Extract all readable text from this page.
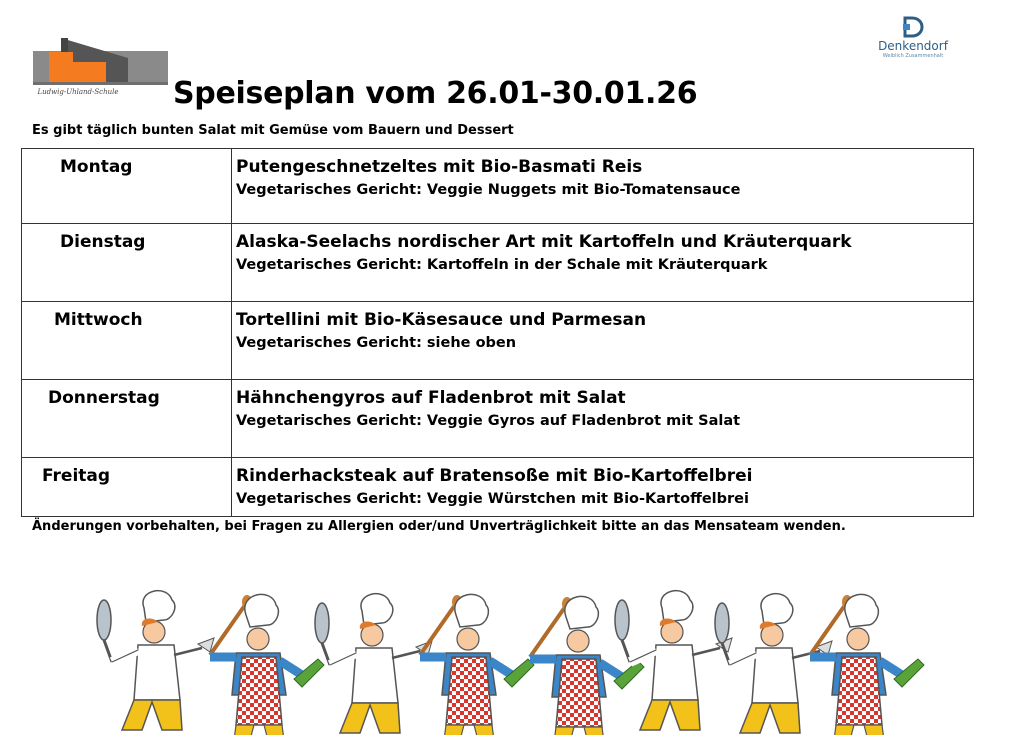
Ludwig-Uhland-Schule
Denkendorf
Weiblich Zusammenhalt
Speiseplan vom 26.01-30.01.26

Es gibt täglich bunten Salat mit Gemüse vom Bauern und Dessert

Montag	Putengeschnetzeltes mit Bio-Basmati Reis
Vegetarisches Gericht: Veggie Nuggets mit Bio-Tomatensauce

Dienstag	Alaska-Seelachs nordischer Art mit Kartoffeln und Kräuterquark
Vegetarisches Gericht: Kartoffeln in der Schale mit Kräuterquark

Mittwoch	Tortellini mit Bio-Käsesauce und Parmesan
Vegetarisches Gericht: siehe oben

Donnerstag	Hähnchengyros auf Fladenbrot mit Salat
Vegetarisches Gericht: Veggie Gyros auf Fladenbrot mit Salat

Freitag	Rinderhacksteak auf Bratensoße mit Bio-Kartoffelbrei
Vegetarisches Gericht: Veggie Würstchen mit Bio-Kartoffelbrei

Änderungen vorbehalten, bei Fragen zu Allergien oder/und Unverträglichkeit bitte an das Mensateam wenden.
